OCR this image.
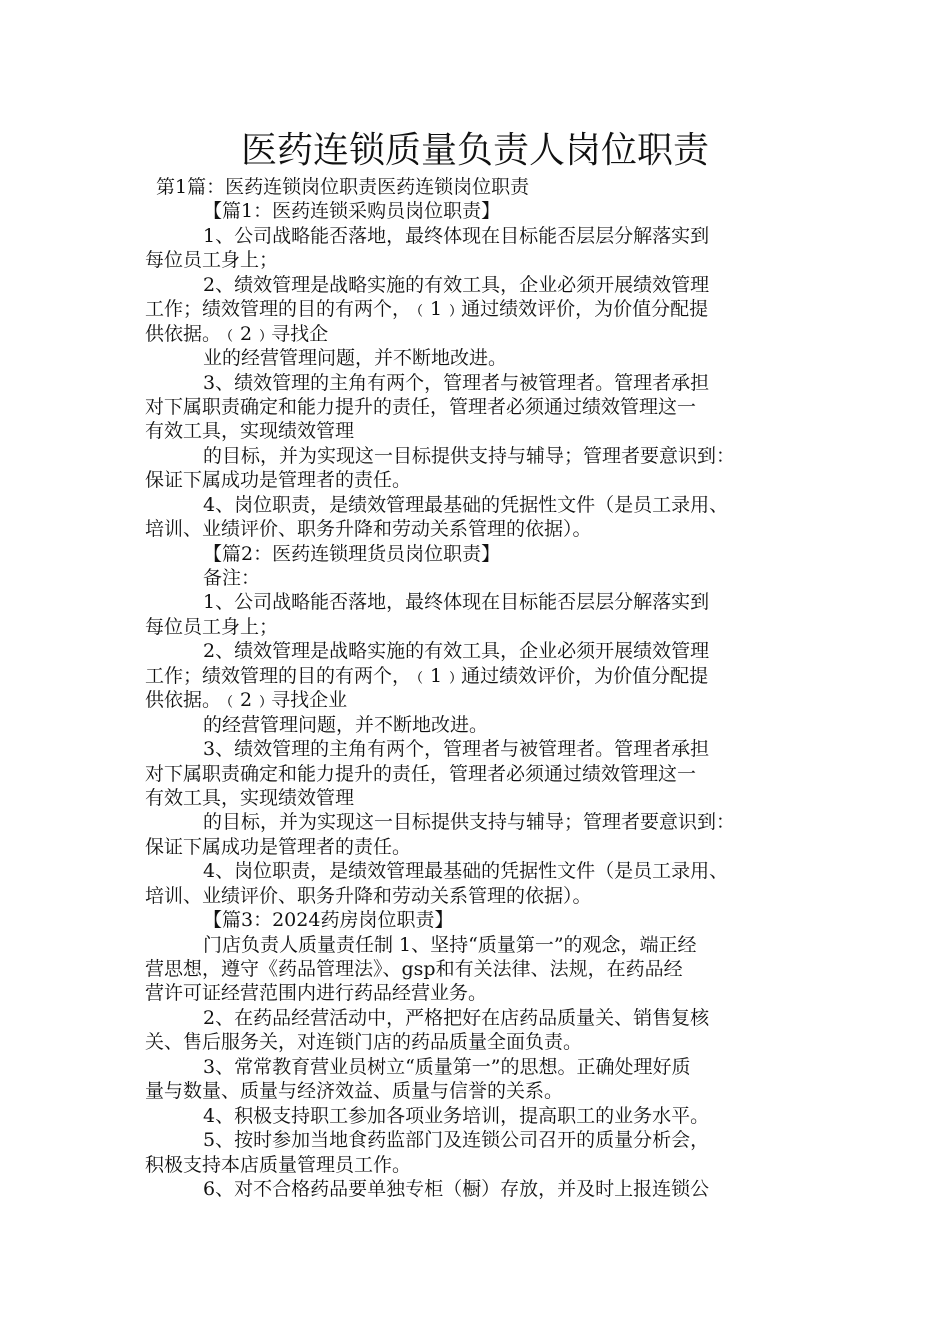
医药连锁质量负责人岗位职责
第1篇：医药连锁岗位职责医药连锁岗位职责
【篇1：医药连锁采购员岗位职责】
1、公司战略能否落地，最终体现在目标能否层层分解落实到
每位员工身上；
2、绩效管理是战略实施的有效工具，企业必须开展绩效管理
工作；绩效管理的目的有两个，﹙1﹚通过绩效评价，为价值分配提
供依据。﹙2﹚寻找企
业的经营管理问题，并不断地改进。
3、绩效管理的主角有两个，管理者与被管理者。管理者承担
对下属职责确定和能力提升的责任，管理者必须通过绩效管理这一
有效工具，实现绩效管理
的目标，并为实现这一目标提供支持与辅导；管理者要意识到：
保证下属成功是管理者的责任。
4、岗位职责，是绩效管理最基础的凭据性文件（是员工录用、
培训、业绩评价、职务升降和劳动关系管理的依据）。
【篇2：医药连锁理货员岗位职责】
备注：
1、公司战略能否落地，最终体现在目标能否层层分解落实到
每位员工身上；
2、绩效管理是战略实施的有效工具，企业必须开展绩效管理
工作；绩效管理的目的有两个，﹙1﹚通过绩效评价，为价值分配提
供依据。﹙2﹚寻找企业
的经营管理问题，并不断地改进。
3、绩效管理的主角有两个，管理者与被管理者。管理者承担
对下属职责确定和能力提升的责任，管理者必须通过绩效管理这一
有效工具，实现绩效管理
的目标，并为实现这一目标提供支持与辅导；管理者要意识到：
保证下属成功是管理者的责任。
4、岗位职责，是绩效管理最基础的凭据性文件（是员工录用、
培训、业绩评价、职务升降和劳动关系管理的依据）。
【篇3：2024药房岗位职责】
门店负责人质量责任制 1、坚持“质量第一”的观念，端正经
营思想，遵守《药品管理法》、gsp和有关法律、法规，在药品经
营许可证经营范围内进行药品经营业务。
2、在药品经营活动中，严格把好在店药品质量关、销售复核
关、售后服务关，对连锁门店的药品质量全面负责。
3、常常教育营业员树立“质量第一”的思想。正确处理好质
量与数量、质量与经济效益、质量与信誉的关系。
4、积极支持职工参加各项业务培训，提高职工的业务水平。
5、按时参加当地食药监部门及连锁公司召开的质量分析会，
积极支持本店质量管理员工作。
6、对不合格药品要单独专柜（橱）存放，并及时上报连锁公
